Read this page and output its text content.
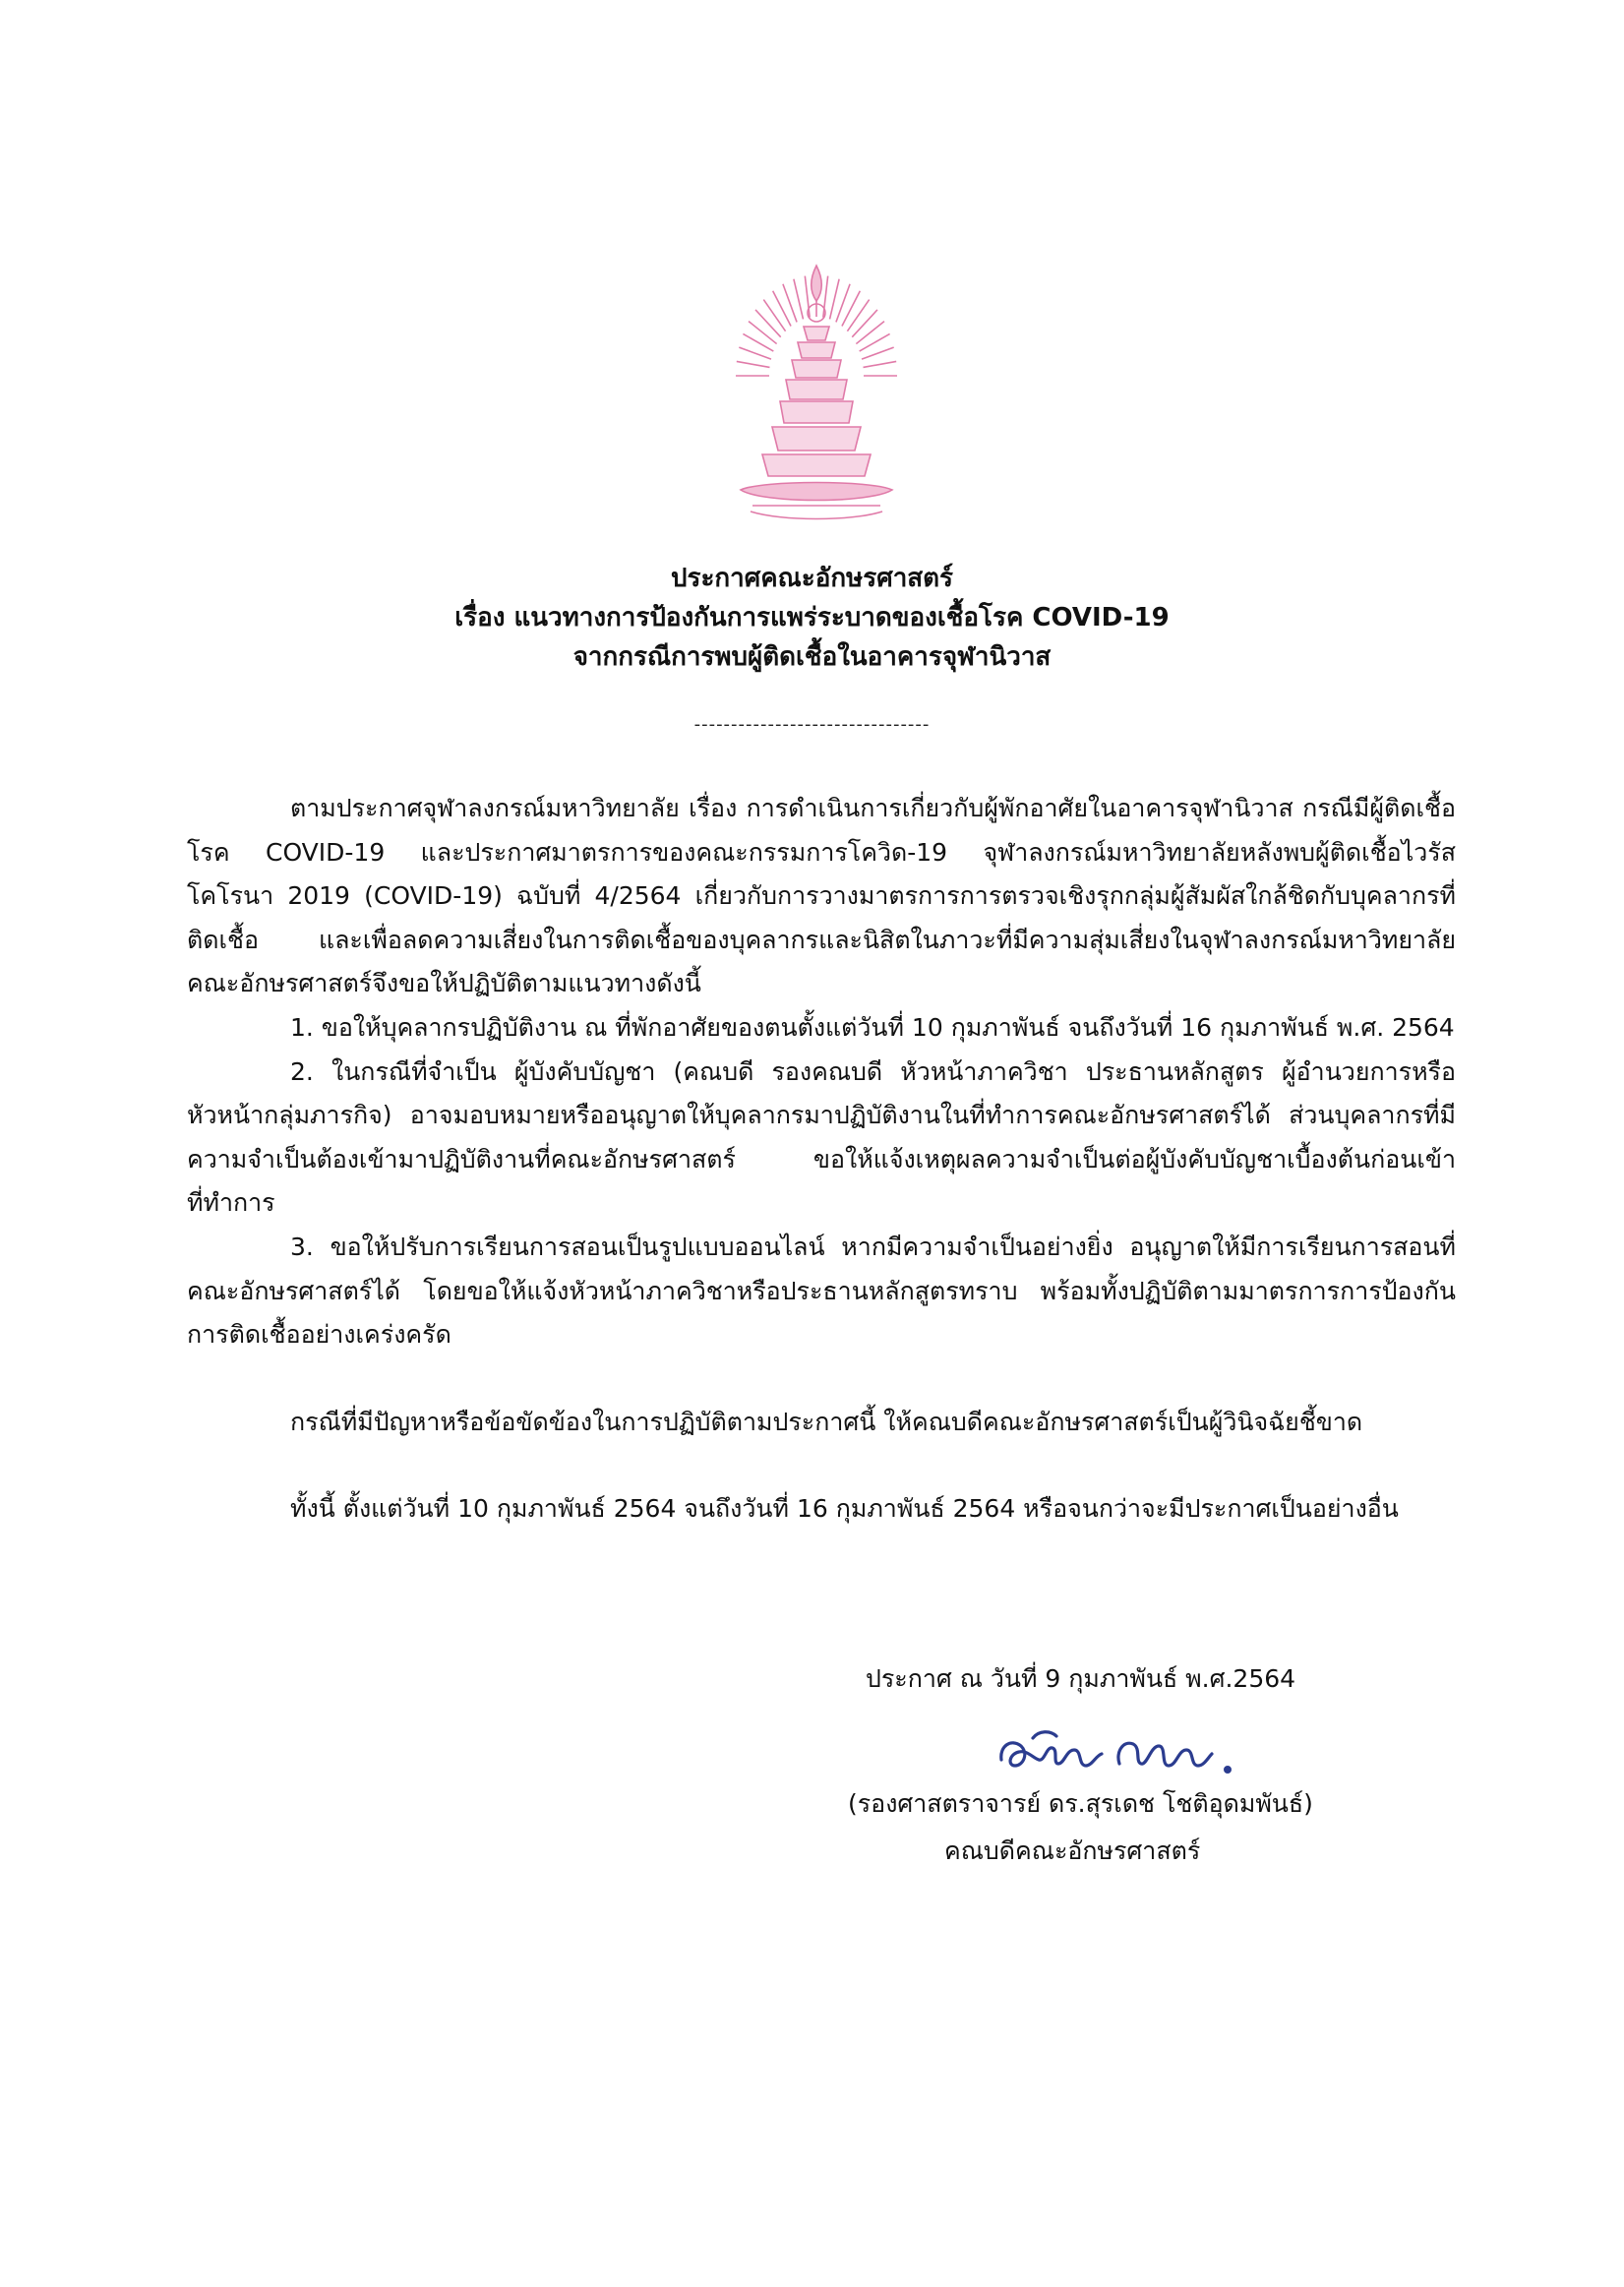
ประกาศคณะอักษรศาสตร์
เรื่อง แนวทางการป้องกันการแพร่ระบาดของเชื้อโรค COVID-19
จากกรณีการพบผู้ติดเชื้อในอาคารจุฬานิวาส
--------------------------------

ตามประกาศจุฬาลงกรณ์มหาวิทยาลัย เรื่อง การดำเนินการเกี่ยวกับผู้พักอาศัยในอาคารจุฬานิวาส กรณีมีผู้ติดเชื้อโรค COVID-19 และประกาศมาตรการของคณะกรรมการโควิด-19 จุฬาลงกรณ์มหาวิทยาลัยหลังพบผู้ติดเชื้อไวรัสโคโรนา 2019 (COVID-19) ฉบับที่ 4/2564 เกี่ยวกับการวางมาตรการการตรวจเชิงรุกกลุ่มผู้สัมผัสใกล้ชิดกับบุคลากรที่ติดเชื้อ และเพื่อลดความเสี่ยงในการติดเชื้อของบุคลากรและนิสิตในภาวะที่มีความสุ่มเสี่ยงในจุฬาลงกรณ์มหาวิทยาลัย คณะอักษรศาสตร์จึงขอให้ปฏิบัติตามแนวทางดังนี้

1. ขอให้บุคลากรปฏิบัติงาน ณ ที่พักอาศัยของตนตั้งแต่วันที่ 10 กุมภาพันธ์ จนถึงวันที่ 16 กุมภาพันธ์ พ.ศ. 2564

2. ในกรณีที่จำเป็น ผู้บังคับบัญชา (คณบดี รองคณบดี หัวหน้าภาควิชา ประธานหลักสูตร ผู้อำนวยการหรือหัวหน้ากลุ่มภารกิจ) อาจมอบหมายหรืออนุญาตให้บุคลากรมาปฏิบัติงานในที่ทำการคณะอักษรศาสตร์ได้ ส่วนบุคลากรที่มีความจำเป็นต้องเข้ามาปฏิบัติงานที่คณะอักษรศาสตร์ ขอให้แจ้งเหตุผลความจำเป็นต่อผู้บังคับบัญชาเบื้องต้นก่อนเข้าที่ทำการ

3. ขอให้ปรับการเรียนการสอนเป็นรูปแบบออนไลน์ หากมีความจำเป็นอย่างยิ่ง อนุญาตให้มีการเรียนการสอนที่คณะอักษรศาสตร์ได้ โดยขอให้แจ้งหัวหน้าภาควิชาหรือประธานหลักสูตรทราบ พร้อมทั้งปฏิบัติตามมาตรการการป้องกันการติดเชื้ออย่างเคร่งครัด

กรณีที่มีปัญหาหรือข้อขัดข้องในการปฏิบัติตามประกาศนี้ ให้คณบดีคณะอักษรศาสตร์เป็นผู้วินิจฉัยชี้ขาด

ทั้งนี้ ตั้งแต่วันที่ 10 กุมภาพันธ์ 2564 จนถึงวันที่ 16 กุมภาพันธ์ 2564 หรือจนกว่าจะมีประกาศเป็นอย่างอื่น

ประกาศ ณ วันที่ 9 กุมภาพันธ์ พ.ศ.2564
(รองศาสตราจารย์ ดร.สุรเดช โชติอุดมพันธ์)
คณบดีคณะอักษรศาสตร์
